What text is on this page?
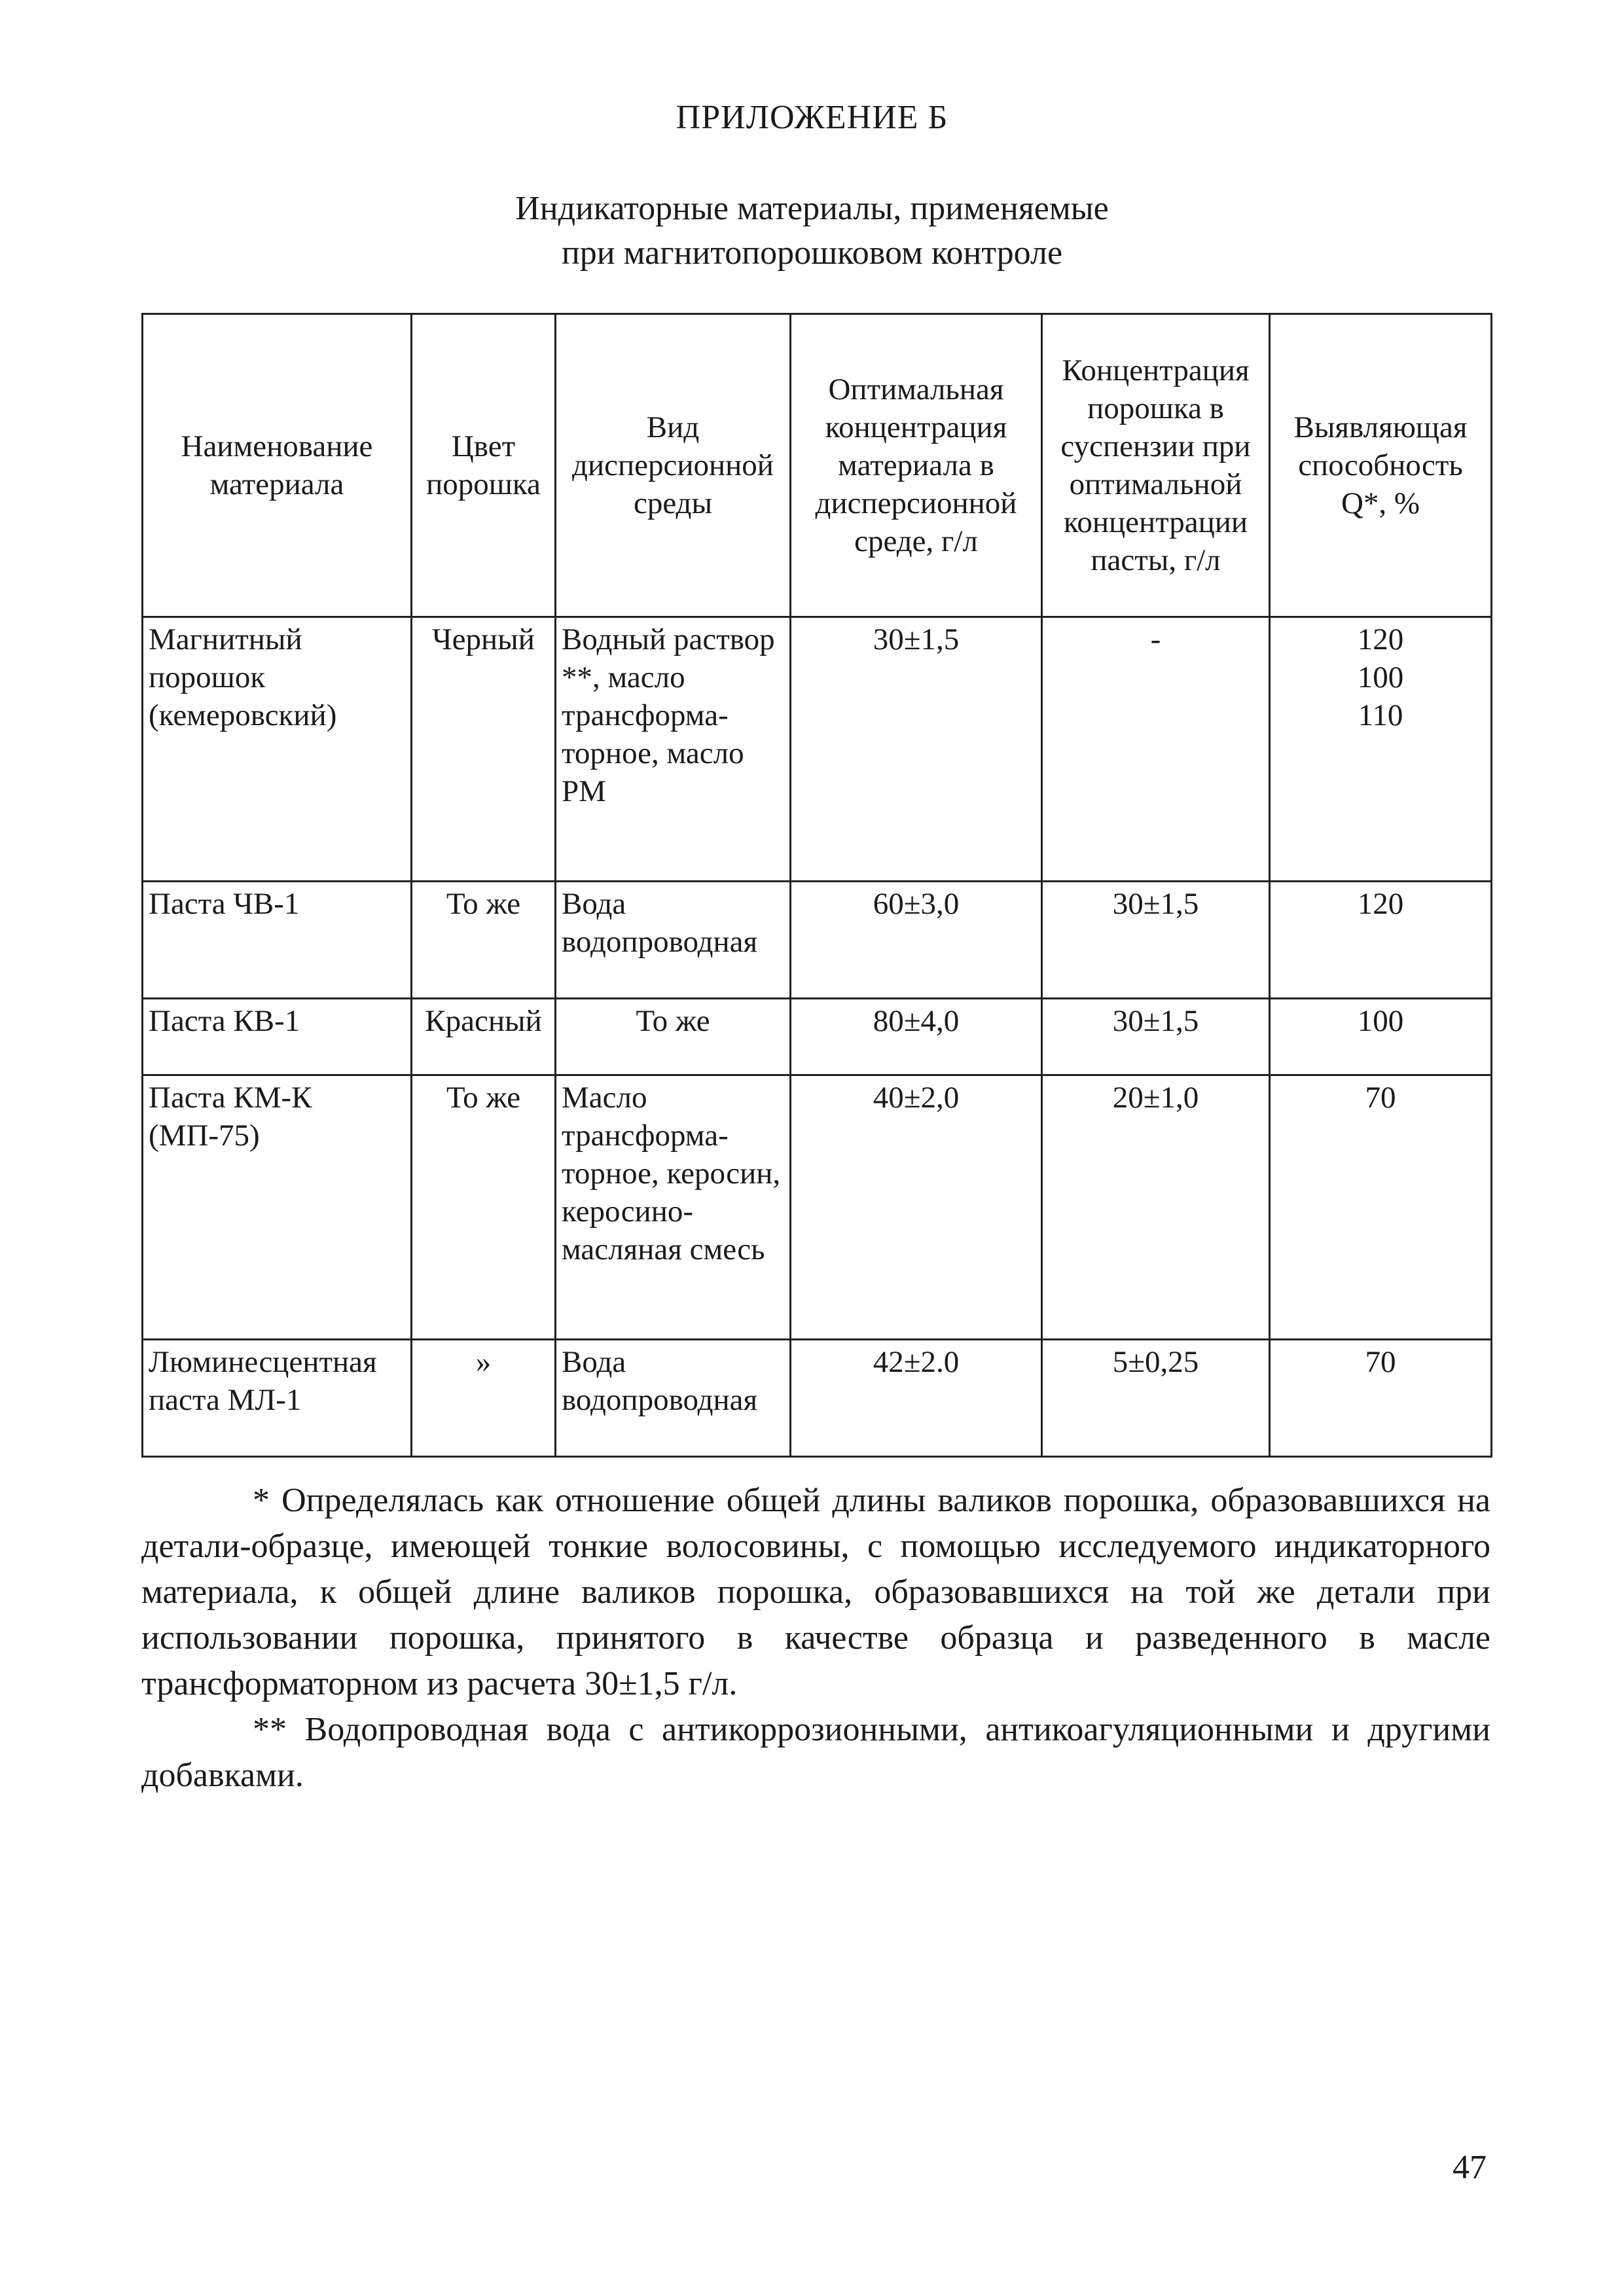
ПРИЛОЖЕНИЕ Б
Индикаторные материалы, применяемые
при магнитопорошковом контроле
Наименование материала	Цвет порошка	Вид дисперсионной среды	Оптимальная концентрация материала в дисперсионной среде, г/л	Концентрация порошка в суспензии при оптимальной концентрации пасты, г/л	Выявляющая способность Q*, %
Магнитный порошок (кемеровский)	Черный	Водный раствор **, масло трансформа-торное, масло РМ	30±1,5	-	120 100 110
Паста ЧВ-1	То же	Вода водопроводная	60±3,0	30±1,5	120
Паста КВ-1	Красный	То же	80±4,0	30±1,5	100
Паста КМ-К (МП-75)	То же	Масло трансформа-торное, керосин, керосино-масляная смесь	40±2,0	20±1,0	70
Люминесцентная паста МЛ-1	»	Вода водопроводная	42±2.0	5±0,25	70

* Определялась как отношение общей длины валиков порошка, образовавшихся на детали-образце, имеющей тонкие волосовины, с помощью исследуемого индикаторного материала, к общей длине валиков порошка, образовавшихся на той же детали при использовании порошка, принятого в качестве образца и разведенного в масле трансформаторном из расчета 30±1,5 г/л.

** Водопроводная вода с антикоррозионными, антикоагуляционными и другими добавками.

47
